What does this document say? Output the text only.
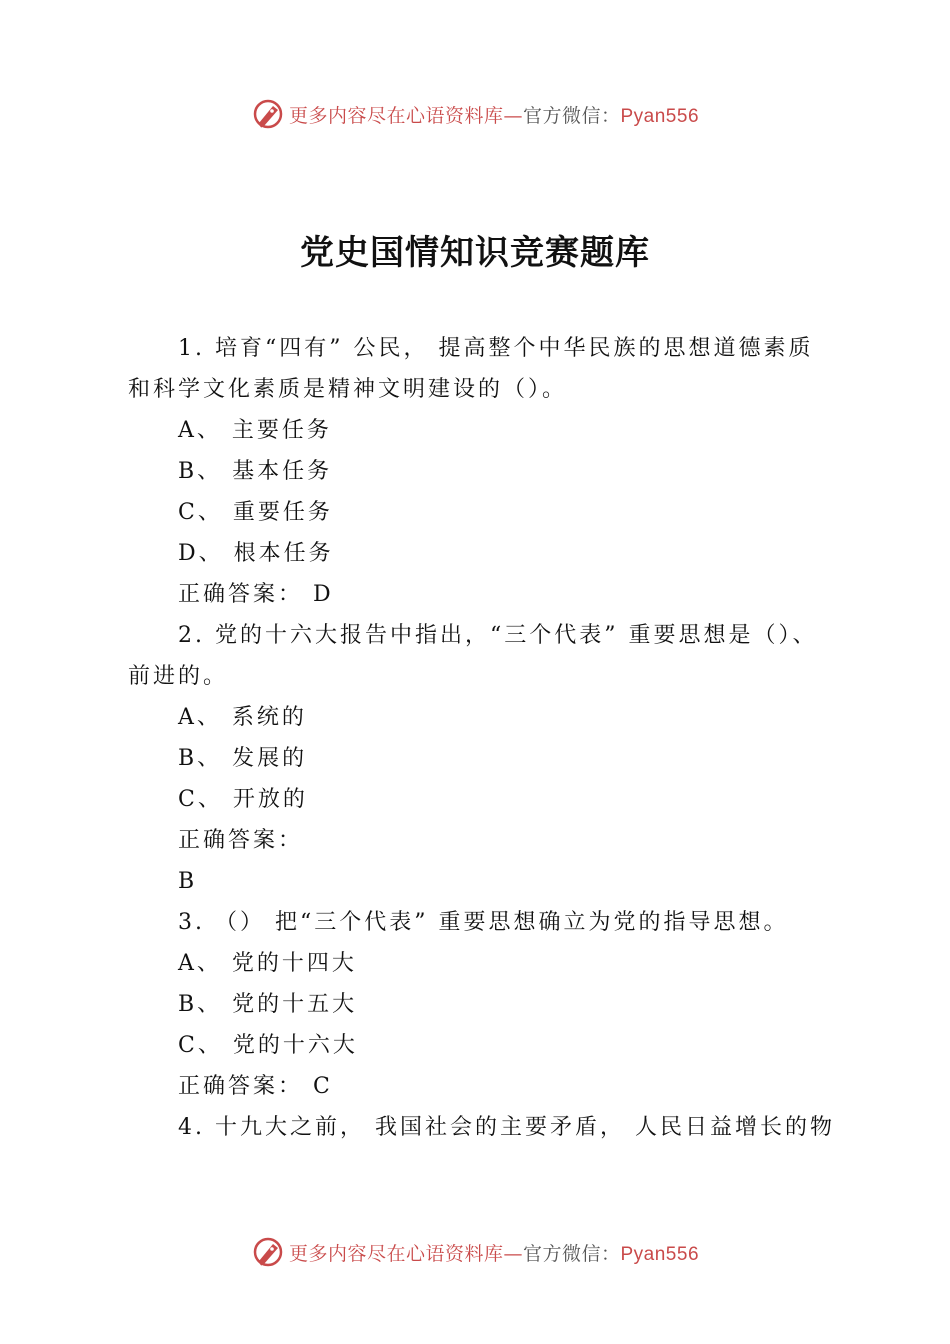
更多内容尽在心语资料库—官方微信：Pyan556
党史国情知识竞赛题库
1. 培育“四有” 公民， 提高整个中华民族的思想道德素质
和科学文化素质是精神文明建设的（）。
A、 主要任务
B、 基本任务
C、 重要任务
D、 根本任务
正确答案： D
2. 党的十六大报告中指出，“三个代表” 重要思想是（）、
前进的。
A、 系统的
B、 发展的
C、 开放的
正确答案：
B
3. （） 把“三个代表” 重要思想确立为党的指导思想。
A、 党的十四大
B、 党的十五大
C、 党的十六大
正确答案： C
4. 十九大之前， 我国社会的主要矛盾， 人民日益增长的物
更多内容尽在心语资料库—官方微信：Pyan556
